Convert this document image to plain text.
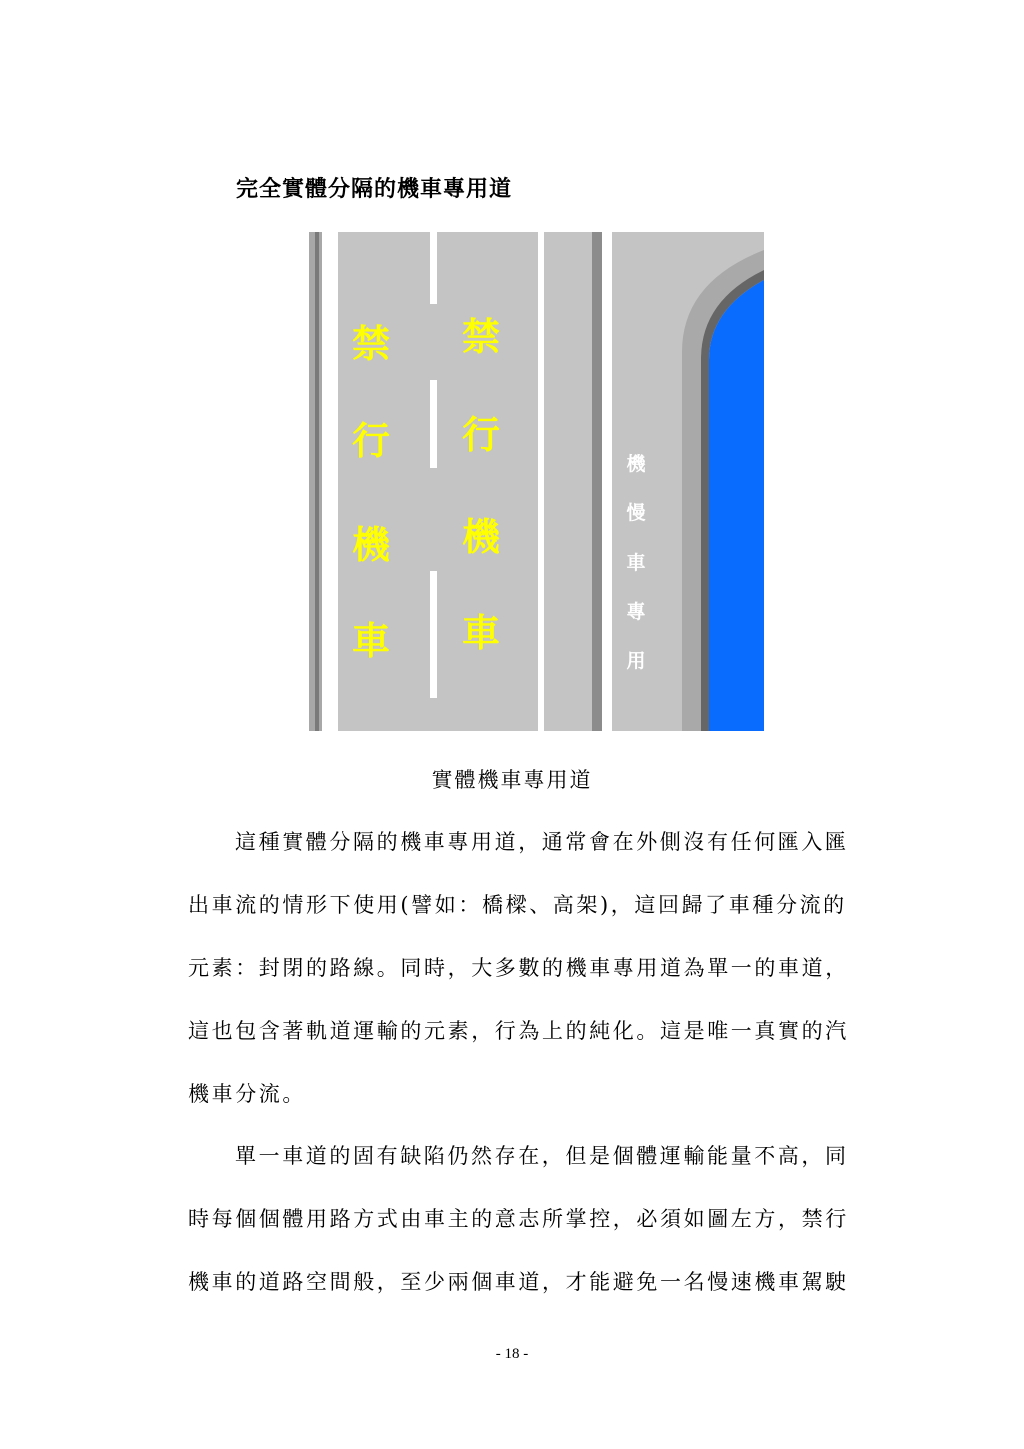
完全實體分隔的機車專用道
禁
行
機
車
禁
行
機
車
機
慢
車
專
用
實體機車專用道
這種實體分隔的機車專用道，通常會在外側沒有任何匯入匯
出車流的情形下使用(譬如：橋樑、高架)，這回歸了車種分流的
元素：封閉的路線。同時，大多數的機車專用道為單一的車道，
這也包含著軌道運輸的元素，行為上的純化。這是唯一真實的汽
機車分流。
單一車道的固有缺陷仍然存在，但是個體運輸能量不高，同
時每個個體用路方式由車主的意志所掌控，必須如圖左方，禁行
機車的道路空間般，至少兩個車道，才能避免一名慢速機車駕駛
- 18 -
